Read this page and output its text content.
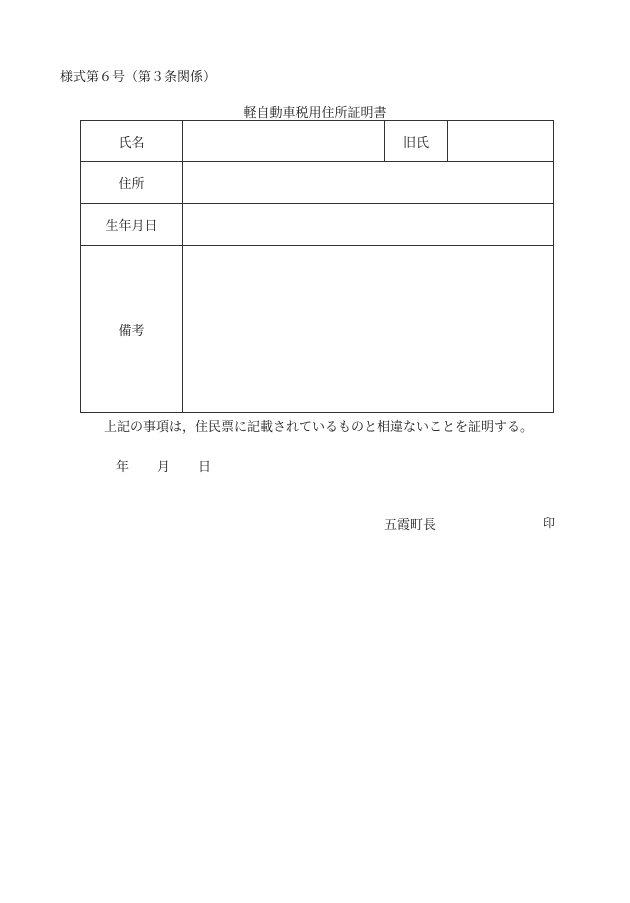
様式第６号（第３条関係）
軽自動車税用住所証明書
氏名		旧氏	
住所			
生年月日			
備考			
上記の事項は，住民票に記載されているものと相違ないことを証明する。
年 月 日
五霞町長	印
